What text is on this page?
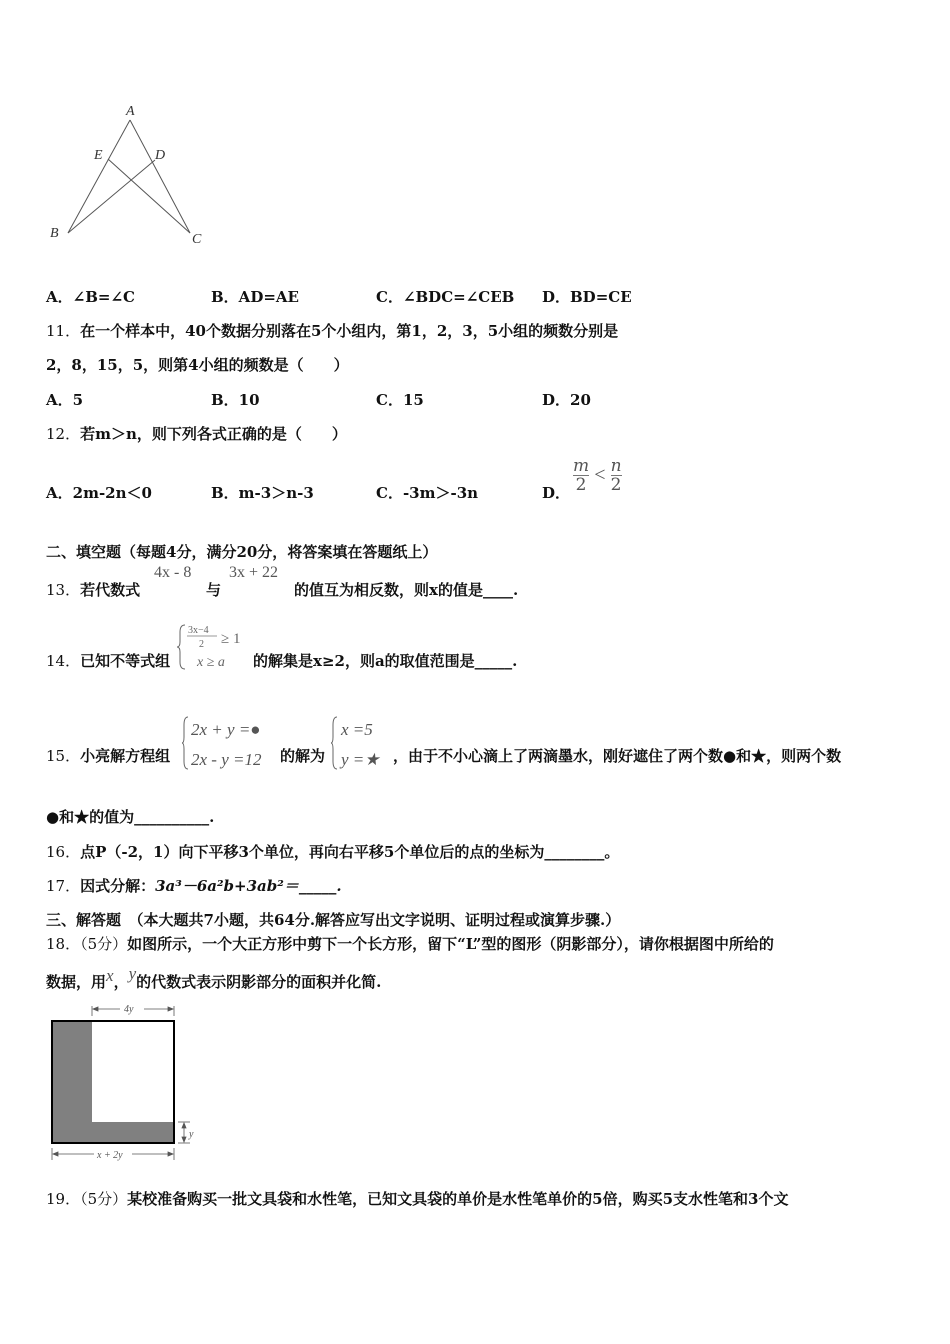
A
E	D
B	C
A．∠B=∠C	B．AD=AE	C．∠BDC=∠CEB D．BD=CE
11．在一个样本中，40个数据分别落在5个小组内，第1，2，3，5小组的频数分别是
2，8，15，5，则第4小组的频数是（　　）
A．5	B．10	C．15	D．20
12．若m＞n，则下列各式正确的是（　　）
A．2m-2n＜0	B．m-3＞n-3	C．-3m＞-3n	D． $\frac{m}{2} < \frac{n}{2}$
二、填空题（每题4分，满分20分，将答案填在答题纸上）
13．若代数式
4x - 8
与
3x + 22
的值互为相反数，则x的值是____.
14．已知不等式组
3x−4
2 ≥ 1
x ≥ a 的解集是x≥2，则a的取值范围是_____.
15．小亮解方程组
2x + y =●
2x - y =12 的解为
x =5
y =★ ，由于不小心滴上了两滴墨水，刚好遮住了两个数●和★，则两个数
●和★的值为__________.
16．点P（-2，1）向下平移3个单位，再向右平移5个单位后的点的坐标为________。
17．因式分解：3a³－6a²b+3ab²＝_____.
三、解答题　（本大题共7小题，共64分.解答应写出文字说明、证明过程或演算步骤.）
18．（5分）如图所示，一个大正方形中剪下一个长方形，留下“L”型的图形（阴影部分），请你根据图中所给的
数据，用x，y的代数式表示阴影部分的面积并化简.
4y
y
x + 2y
19．（5分）某校准备购买一批文具袋和水性笔，已知文具袋的单价是水性笔单价的5倍，购买5支水性笔和3个文
